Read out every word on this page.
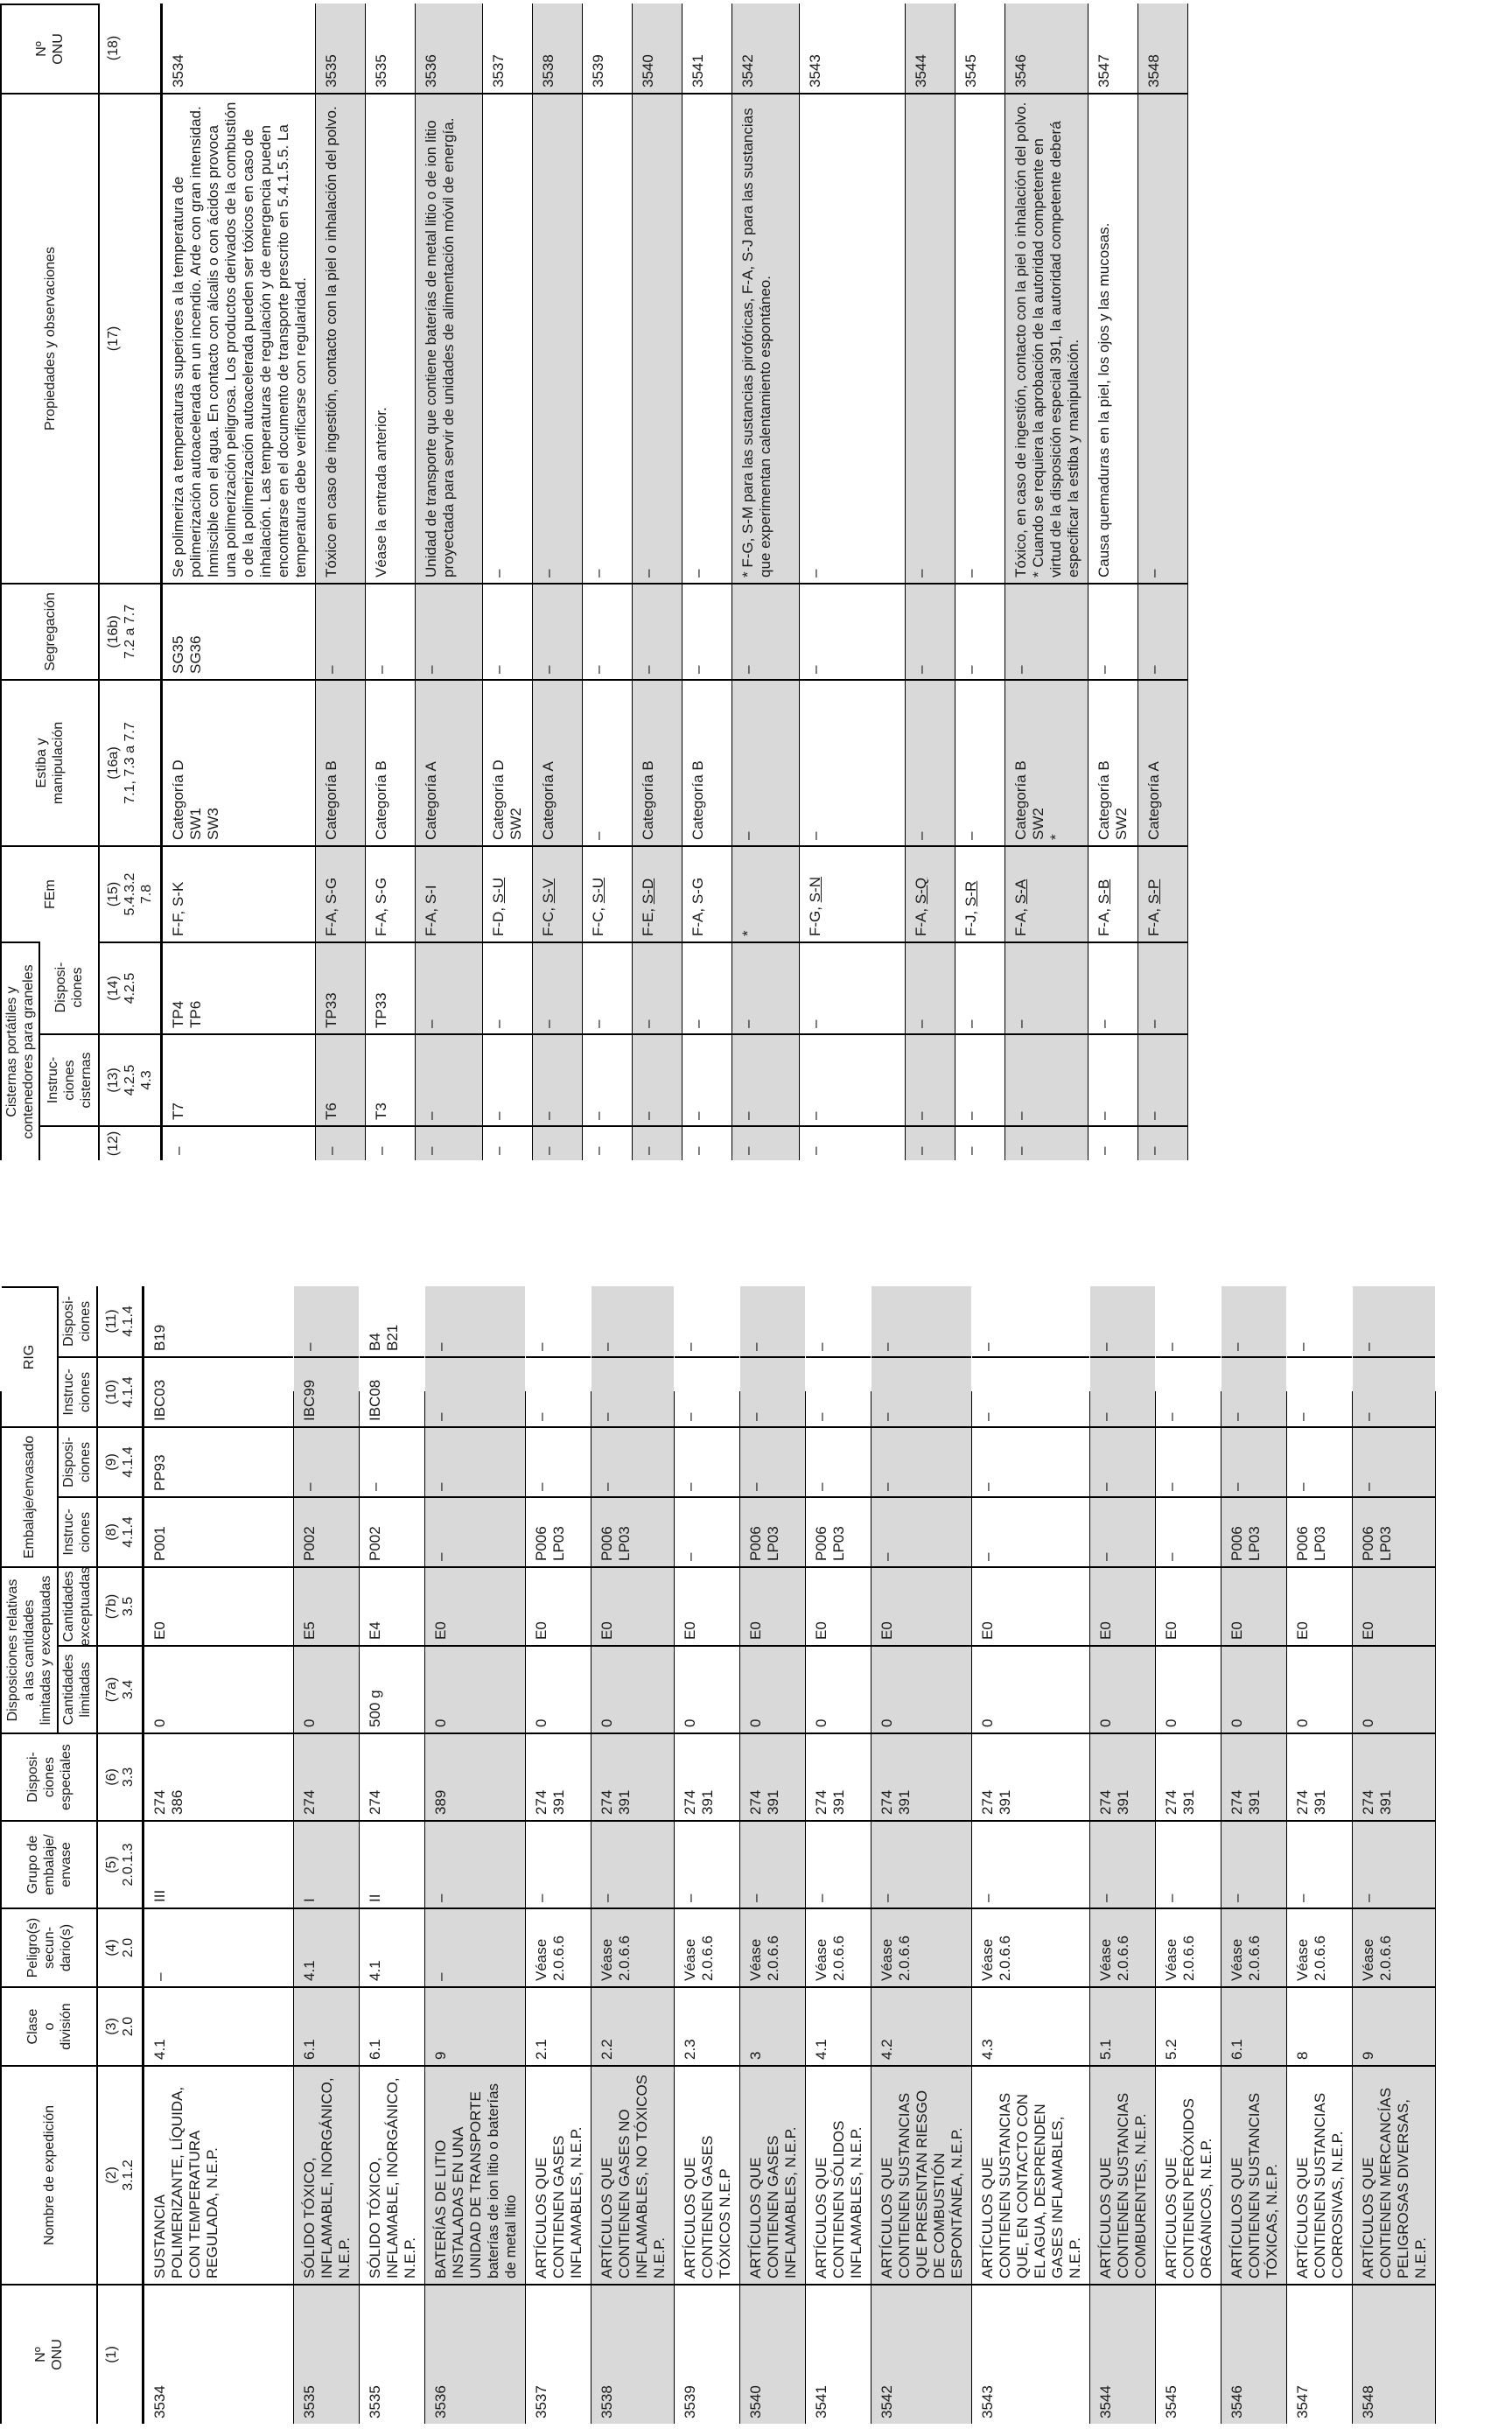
Nº
ONU
Nombre de expedición
Clase
o
división
Peligro(s)
secun-
dario(s)
Grupo de
embalaje/
envase
Disposi-
ciones
especiales
Disposiciones relativas
a las cantidades
limitadas y exceptuadas
Embalaje/envasado
RIG
Cantidades
limitadas
Cantidades
exceptuadas
Instruc-
ciones
Disposi-
ciones
Instruc-
ciones
Disposi-
ciones
(1)
(2)
3.1.2
(3)
2.0
(4)
2.0
(5)
2.0.1.3
(6)
3.3
(7a)
3.4
(7b)
3.5
(8)
4.1.4
(9)
4.1.4
(10)
4.1.4
(11)
4.1.4
3534
SUSTANCIA POLIMERIZANTE, LÍQUIDA, CON TEMPERATURA REGULADA, N.E.P.
4.1
–
III
274
386
0
E0
P001
PP93
IBC03
B19
3535
SÓLIDO TÓXICO, INFLAMABLE, INORGÁNICO, N.E.P.
6.1
4.1
I
274
0
E5
P002
–
IBC99
–
3535
SÓLIDO TÓXICO, INFLAMABLE, INORGÁNICO, N.E.P.
6.1
4.1
II
274
500 g
E4
P002
–
IBC08
B4
B21
3536
BATERÍAS DE LITIO INSTALADAS EN UNA UNIDAD DE TRANSPORTE baterías de ion litio o baterías de metal litio
9
–
–
389
0
E0
–
–
–
–
3537
ARTÍCULOS QUE CONTIENEN GASES INFLAMABLES, N.E.P.
2.1
Véase
2.0.6.6
–
274
391
0
E0
P006
LP03
–
–
–
3538
ARTÍCULOS QUE CONTIENEN GASES NO INFLAMABLES, NO TÓXICOS N.E.P.
2.2
Véase
2.0.6.6
–
274
391
0
E0
P006
LP03
–
–
–
3539
ARTÍCULOS QUE CONTIENEN GASES TÓXICOS N.E.P
2.3
Véase
2.0.6.6
–
274
391
0
E0
–
–
–
–
3540
ARTÍCULOS QUE CONTIENEN GASES INFLAMABLES, N.E.P.
3
Véase
2.0.6.6
–
274
391
0
E0
P006
LP03
–
–
–
3541
ARTÍCULOS QUE CONTIENEN SÓLIDOS INFLAMABLES, N.E.P.
4.1
Véase
2.0.6.6
–
274
391
0
E0
P006
LP03
–
–
–
3542
ARTÍCULOS QUE CONTIENEN SUSTANCIAS QUE PRESENTAN RIESGO DE COMBUSTIÓN ESPONTÁNEA, N.E.P.
4.2
Véase
2.0.6.6
–
274
391
0
E0
–
–
–
–
3543
ARTÍCULOS QUE CONTIENEN SUSTANCIAS QUE, EN CONTACTO CON EL AGUA, DESPRENDEN GASES INFLAMABLES, N.E.P.
4.3
Véase
2.0.6.6
–
274
391
0
E0
–
–
–
–
3544
ARTÍCULOS QUE CONTIENEN SUSTANCIAS COMBURENTES, N.E.P.
5.1
Véase
2.0.6.6
–
274
391
0
E0
–
–
–
–
3545
ARTÍCULOS QUE CONTIENEN PERÓXIDOS ORGÁNICOS, N.E.P.
5.2
Véase
2.0.6.6
–
274
391
0
E0
–
–
–
–
3546
ARTÍCULOS QUE CONTIENEN SUSTANCIAS TÓXICAS, N.E.P.
6.1
Véase
2.0.6.6
–
274
391
0
E0
P006
LP03
–
–
–
3547
ARTÍCULOS QUE CONTIENEN SUSTANCIAS CORROSIVAS, N.E.P.
8
Véase
2.0.6.6
–
274
391
0
E0
P006
LP03
–
–
–
3548
ARTÍCULOS QUE CONTIENEN MERCANCÍAS PELIGROSAS DIVERSAS, N.E.P.
9
Véase
2.0.6.6
–
274
391
0
E0
P006
LP03
–
–
–
Cisternas portátiles y
contenedores para graneles
FEm
Estiba y
manipulación
Segregación
Propiedades y observaciones
Nº
ONU
Instruc-
ciones
cisternas
Disposi-
ciones
(12)
(13)
4.2.5
4.3
(14)
4.2.5
(15)
5.4.3.2
7.8
(16a)
7.1, 7.3 a 7.7
(16b)
7.2 a 7.7
(17)
(18)
–
T7
TP4
TP6
F-F, S-K
Categoría D
SW1
SW3
SG35
SG36
Se polimeriza a temperaturas superiores a la temperatura de polimerización autoacelerada en un incendio. Arde con gran intensidad. Inmiscible con el agua. En contacto con álcalis o con ácidos provoca una polimerización peligrosa. Los productos derivados de la combustión o de la polimerización autoacelerada pueden ser tóxicos en caso de inhalación. Las temperaturas de regulación y de emergencia pueden encontrarse en el documento de transporte prescrito en 5.4.1.5.5. La temperatura debe verificarse con regularidad.
3534
–
T6
TP33
F-A, S-G
Categoría B
–
Tóxico en caso de ingestión, contacto con la piel o inhalación del polvo.
3535
–
T3
TP33
F-A, S-G
Categoría B
–
Véase la entrada anterior.
3535
–
–
–
F-A, S-I
Categoría A
–
Unidad de transporte que contiene baterías de metal litio o de ion litio proyectada para servir de unidades de alimentación móvil de energía.
3536
–
–
–
F-D, S-U
Categoría D
SW2
–
–
3537
–
–
–
F-C, S-V
Categoría A
–
–
3538
–
–
–
F-C, S-U
–
–
–
3539
–
–
–
F-E, S-D
Categoría B
–
–
3540
–
–
–
F-A, S-G
Categoría B
–
–
3541
–
–
–
*
–
–
* F-G, S-M para las sustancias pirofóricas, F-A, S-J para las sustancias que experimentan calentamiento espontáneo.
3542
–
–
–
F-G, S-N
–
–
–
3543
–
–
–
F-A, S-Q
–
–
–
3544
–
–
–
F-J, S-R
–
–
–
3545
–
–
–
F-A, S-A
Categoría B
SW2
*
–
Tóxico, en caso de ingestión, contacto con la piel o inhalación del polvo.
* Cuando se requiera la aprobación de la autoridad competente en virtud de la disposición especial 391, la autoridad competente deberá especificar la estiba y manipulación.
3546
–
–
–
F-A, S-B
Categoría B
SW2
–
Causa quemaduras en la piel, los ojos y las mucosas.
3547
–
–
–
F-A, S-P
Categoría A
–
–
3548
